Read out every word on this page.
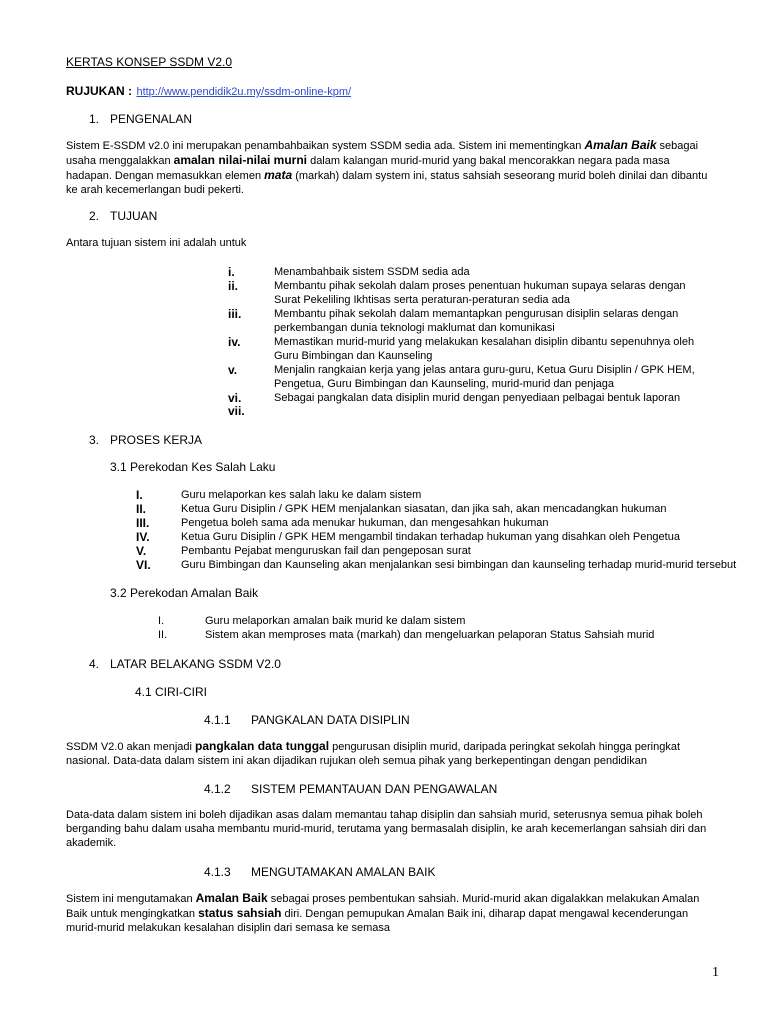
KERTAS KONSEP SSDM V2.0
RUJUKAN : http://www.pendidik2u.my/ssdm-online-kpm/
1. PENGENALAN
Sistem E-SSDM v2.0 ini merupakan penambahbaikan system SSDM sedia ada. Sistem ini mementingkan Amalan Baik sebagai usaha menggalakkan amalan nilai-nilai murni dalam kalangan murid-murid yang bakal mencorakkan negara pada masa hadapan. Dengan memasukkan elemen mata (markah) dalam system ini, status sahsiah seseorang murid boleh dinilai dan dibantu ke arah kecemerlangan budi pekerti.
2. TUJUAN
Antara tujuan sistem ini adalah untuk
i.	Menambahbaik sistem SSDM sedia ada
ii.	Membantu pihak sekolah dalam proses penentuan hukuman supaya selaras dengan Surat Pekeliling Ikhtisas serta peraturan-peraturan sedia ada
iii.	Membantu pihak sekolah dalam memantapkan pengurusan disiplin selaras dengan perkembangan dunia teknologi maklumat dan komunikasi
iv.	Memastikan murid-murid yang melakukan kesalahan disiplin dibantu sepenuhnya oleh Guru Bimbingan dan Kaunseling
v.	Menjalin rangkaian kerja yang jelas antara guru-guru, Ketua Guru Disiplin / GPK HEM, Pengetua, Guru Bimbingan dan Kaunseling, murid-murid dan penjaga
vi.	Sebagai pangkalan data disiplin murid dengan penyediaan pelbagai bentuk laporan
vii.
3. PROSES KERJA
3.1 Perekodan Kes Salah Laku
I.	Guru melaporkan kes salah laku ke dalam sistem
II.	Ketua Guru Disiplin / GPK HEM menjalankan siasatan, dan jika sah, akan mencadangkan hukuman
III.	Pengetua boleh sama ada menukar hukuman, dan mengesahkan hukuman
IV.	Ketua Guru Disiplin / GPK HEM mengambil tindakan terhadap hukuman yang disahkan oleh Pengetua
V.	Pembantu Pejabat menguruskan fail dan pengeposan surat
VI.	Guru Bimbingan dan Kaunseling akan menjalankan sesi bimbingan dan kaunseling terhadap murid-murid tersebut
3.2 Perekodan Amalan Baik
I.	Guru melaporkan amalan baik murid ke dalam sistem
II.	Sistem akan memproses mata (markah) dan mengeluarkan pelaporan Status Sahsiah murid
4. LATAR BELAKANG SSDM V2.0
4.1 CIRI-CIRI
4.1.1 PANGKALAN DATA DISIPLIN
SSDM V2.0 akan menjadi pangkalan data tunggal pengurusan disiplin murid, daripada peringkat sekolah hingga peringkat nasional. Data-data dalam sistem ini akan dijadikan rujukan oleh semua pihak yang berkepentingan dengan pendidikan
4.1.2 SISTEM PEMANTAUAN DAN PENGAWALAN
Data-data dalam sistem ini boleh dijadikan asas dalam memantau tahap disiplin dan sahsiah murid, seterusnya semua pihak boleh berganding bahu dalam usaha membantu murid-murid, terutama yang bermasalah disiplin, ke arah kecemerlangan sahsiah diri dan akademik.
4.1.3 MENGUTAMAKAN AMALAN BAIK
Sistem ini mengutamakan Amalan Baik sebagai proses pembentukan sahsiah. Murid-murid akan digalakkan melakukan Amalan Baik untuk mengingkatkan status sahsiah diri. Dengan pemupukan Amalan Baik ini, diharap dapat mengawal kecenderungan murid-murid melakukan kesalahan disiplin dari semasa ke semasa
1
